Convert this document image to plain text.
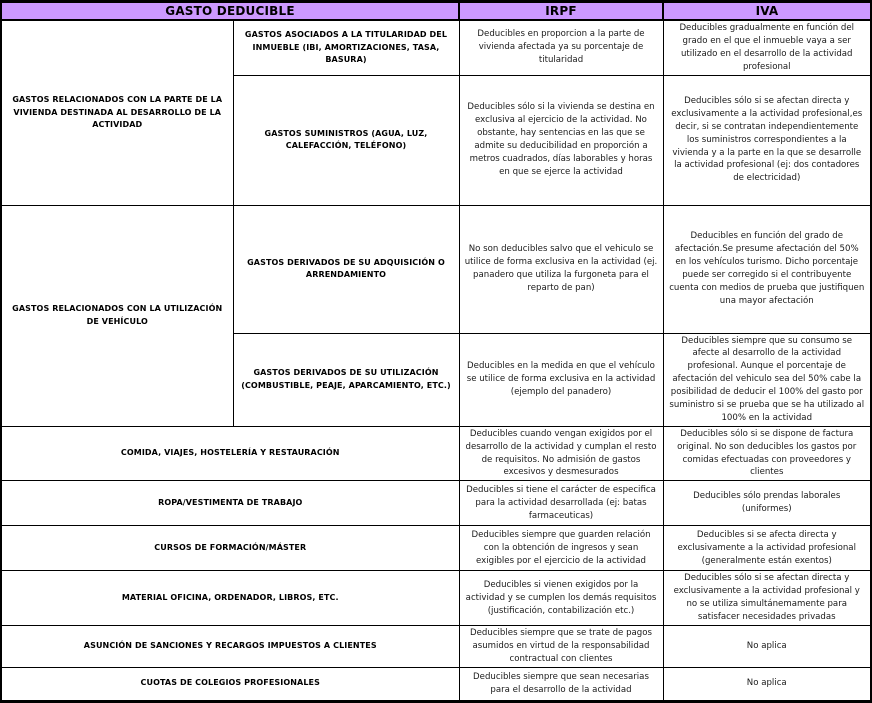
GASTO DEDUCIBLE		IRPF	IVA
GASTOS RELACIONADOS CON LA PARTE DE LA VIVIENDA DESTINADA AL DESARROLLO DE LA ACTIVIDAD	GASTOS ASOCIADOS A LA TITULARIDAD DEL INMUEBLE (IBI, AMORTIZACIONES, TASA, BASURA)	Deducibles en proporcion a la parte de vivienda afectada ya su porcentaje de titularidad	Deducibles gradualmente en función del grado en el que el inmueble vaya a ser utilizado en el desarrollo de la actividad profesional
GASTOS SUMINISTROS (AGUA, LUZ, CALEFACCIÓN, TELÉFONO)	Deducibles sólo si la vivienda se destina en exclusiva al ejercicio de la actividad. No obstante, hay sentencias en las que se admite su deducibilidad en proporción a metros cuadrados, días laborables y horas en que se ejerce la actividad	Deducibles sólo si se afectan directa y exclusivamente a la actividad profesional,es decir, si se contratan independientemente los suministros correspondientes a la vivienda y a la parte en la que se desarrolle la actividad profesional (ej: dos contadores de electricidad)
GASTOS RELACIONADOS CON LA UTILIZACIÓN DE VEHÍCULO	GASTOS DERIVADOS DE SU ADQUISICIÓN O ARRENDAMIENTO	No son deducibles salvo que el vehiculo se utilice de forma exclusiva en la actividad (ej. panadero que utiliza la furgoneta para el reparto de pan)	Deducibles en función del grado de afectación.Se presume afectación del 50% en los vehículos turismo. Dicho porcentaje puede ser corregido si el contribuyente cuenta con medios de prueba que justifiquen una mayor afectación
	GASTOS DERIVADOS DE SU UTILIZACIÓN (COMBUSTIBLE, PEAJE, APARCAMIENTO, ETC.)	Deducibles en la medida en que el vehículo se utilice de forma exclusiva en la actividad (ejemplo del panadero)	Deducibles siempre que su consumo se afecte al desarrollo de la actividad profesional. Aunque el porcentaje de afectación del vehiculo sea del 50% cabe la posibilidad de deducir el 100% del gasto por suministro si se prueba que se ha utilizado al 100% en la actividad
COMIDA, VIAJES, HOSTELERÍA Y RESTAURACIÓN		Deducibles cuando vengan exigidos por el desarrollo de la actividad y cumplan el resto de requisitos. No admisión de gastos excesivos y desmesurados	Deducibles sólo si se dispone de factura original. No son deducibles los gastos por comidas efectuadas con proveedores y clientes
ROPA/VESTIMENTA DE TRABAJO		Deducibles si tiene el carácter de especifica para la actividad desarrollada (ej: batas farmaceuticas)	Deducibles sólo prendas laborales (uniformes)
CURSOS DE FORMACIÓN/MÁSTER		Deducibles siempre que guarden relación con la obtención de ingresos y sean exigibles por el ejercicio de la actividad	Deducibles si se afecta directa y exclusivamente a la actividad profesional (generalmente están exentos)
MATERIAL OFICINA, ORDENADOR, LIBROS, ETC.		Deducibles si vienen exigidos por la actividad y se cumplen los demás requisitos (justificación, contabilización etc.)	Deducibles sólo si se afectan directa y exclusivamente a la actividad profesional y no se utiliza simultánemamente para satisfacer necesidades privadas
ASUNCIÓN DE SANCIONES Y RECARGOS IMPUESTOS A CLIENTES		Deducibles siempre que se trate de pagos asumidos en virtud de la responsabilidad contractual con clientes	No aplica
CUOTAS DE COLEGIOS PROFESIONALES		Deducibles siempre que sean necesarias para el desarrollo de la actividad	No aplica
